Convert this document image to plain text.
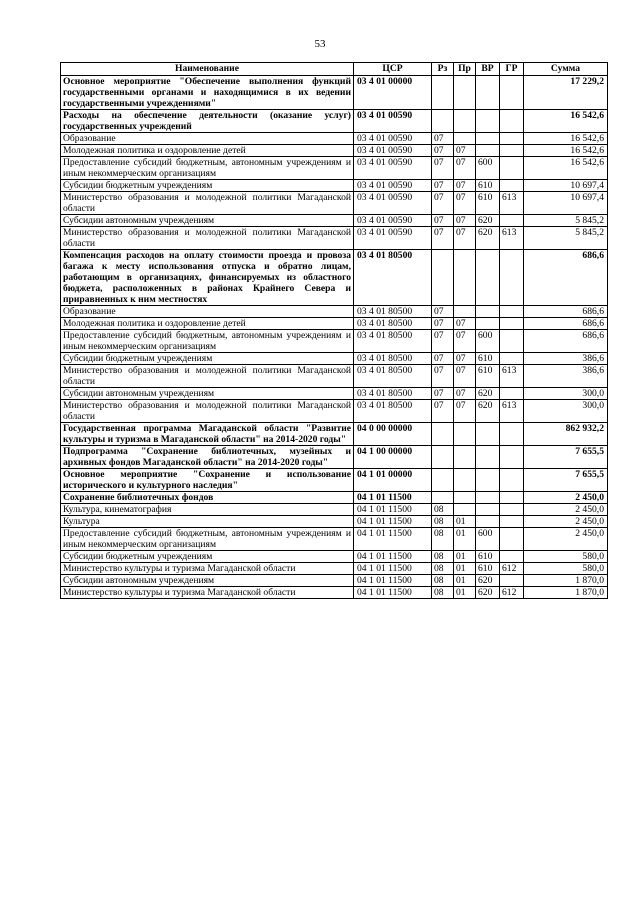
53
Наименование	ЦСР	Рз	Пр	ВР	ГР	Сумма
Основное мероприятие "Обеспечение выполнения функций государственными органами и находящимися в их ведении государственными учреждениями"	03 4 01 00000					17 229,2
Расходы на обеспечение деятельности (оказание услуг) государственных учреждений	03 4 01 00590					16 542,6
Образование	03 4 01 00590	07				16 542,6
Молодежная политика и оздоровление детей	03 4 01 00590	07	07			16 542,6
Предоставление субсидий бюджетным, автономным учреждениям и иным некоммерческим организациям	03 4 01 00590	07	07	600		16 542,6
Субсидии бюджетным учреждениям	03 4 01 00590	07	07	610		10 697,4
Министерство образования и молодежной политики Магаданской области	03 4 01 00590	07	07	610	613	10 697,4
Субсидии автономным учреждениям	03 4 01 00590	07	07	620		5 845,2
Министерство образования и молодежной политики Магаданской области	03 4 01 00590	07	07	620	613	5 845,2
Компенсация расходов на оплату стоимости проезда и провоза багажа к месту использования отпуска и обратно лицам, работающим в организациях, финансируемых из областного бюджета, расположенных в районах Крайнего Севера и приравненных к ним местностях	03 4 01 80500					686,6
Образование	03 4 01 80500	07				686,6
Молодежная политика и оздоровление детей	03 4 01 80500	07	07			686,6
Предоставление субсидий бюджетным, автономным учреждениям и иным некоммерческим организациям	03 4 01 80500	07	07	600		686,6
Субсидии бюджетным учреждениям	03 4 01 80500	07	07	610		386,6
Министерство образования и молодежной политики Магаданской области	03 4 01 80500	07	07	610	613	386,6
Субсидии автономным учреждениям	03 4 01 80500	07	07	620		300,0
Министерство образования и молодежной политики Магаданской области	03 4 01 80500	07	07	620	613	300,0
Государственная программа Магаданской области "Развитие культуры и туризма в Магаданской области" на 2014-2020 годы"	04 0 00 00000					862 932,2
Подпрограмма "Сохранение библиотечных, музейных и архивных фондов Магаданской области" на 2014-2020 годы"	04 1 00 00000					7 655,5
Основное мероприятие "Сохранение и использование исторического и культурного наследия"	04 1 01 00000					7 655,5
Сохранение библиотечных фондов	04 1 01 11500					2 450,0
Культура, кинематография	04 1 01 11500	08				2 450,0
Культура	04 1 01 11500	08	01			2 450,0
Предоставление субсидий бюджетным, автономным учреждениям и иным некоммерческим организациям	04 1 01 11500	08	01	600		2 450,0
Субсидии бюджетным учреждениям	04 1 01 11500	08	01	610		580,0
Министерство культуры и туризма Магаданской области	04 1 01 11500	08	01	610	612	580,0
Субсидии автономным учреждениям	04 1 01 11500	08	01	620		1 870,0
Министерство культуры и туризма Магаданской области	04 1 01 11500	08	01	620	612	1 870,0
